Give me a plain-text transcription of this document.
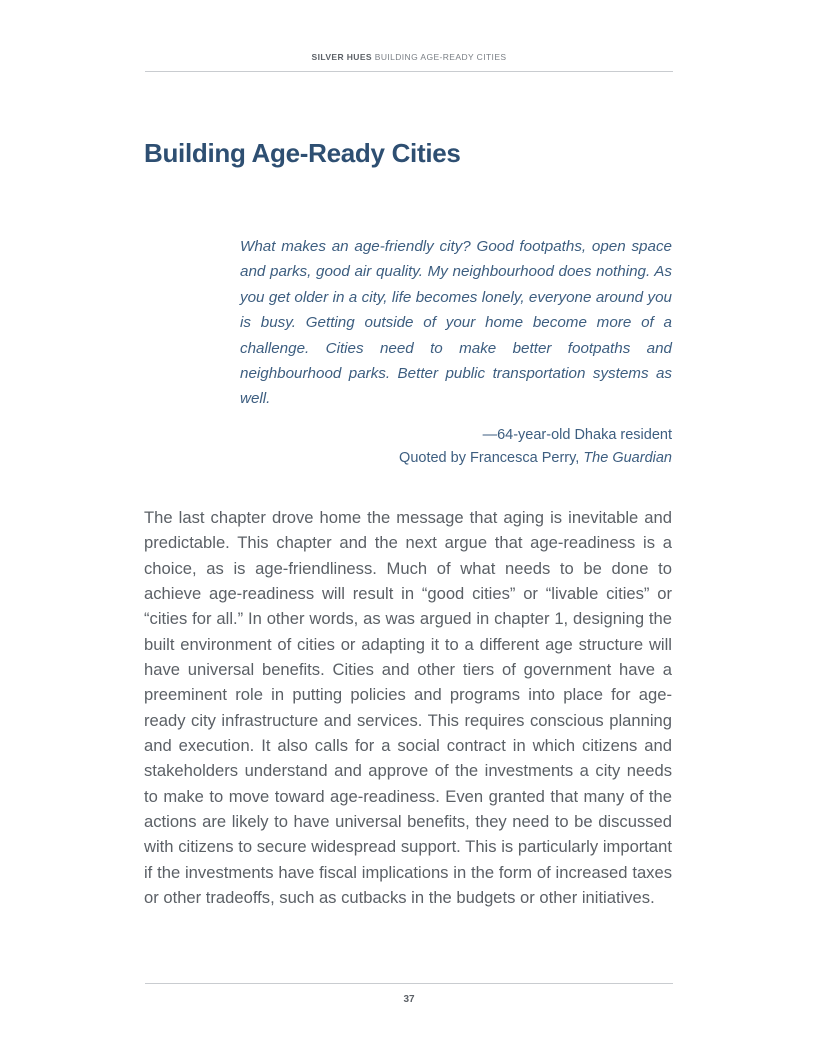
SILVER HUES BUILDING AGE-READY CITIES
Building Age-Ready Cities

What makes an age-friendly city? Good footpaths, open space and parks, good air quality. My neighbourhood does nothing. As you get older in a city, life becomes lonely, everyone around you is busy. Getting outside of your home become more of a challenge. Cities need to make better footpaths and neighbourhood parks. Better public transportation systems as well.

—64-year-old Dhaka resident
Quoted by Francesca Perry, The Guardian

The last chapter drove home the message that aging is inevitable and predictable. This chapter and the next argue that age-readiness is a choice, as is age-friendliness. Much of what needs to be done to achieve age-readiness will result in “good cities” or “livable cities” or “cities for all.” In other words, as was argued in chapter 1, designing the built environment of cities or adapting it to a different age structure will have universal benefits. Cities and other tiers of government have a preeminent role in putting policies and programs into place for age-ready city infrastructure and services. This requires conscious planning and execution. It also calls for a social contract in which citizens and stakeholders understand and approve of the investments a city needs to make to move toward age-readiness. Even granted that many of the actions are likely to have universal benefits, they need to be discussed with citizens to secure widespread support. This is particularly important if the investments have fiscal implications in the form of increased taxes or other tradeoffs, such as cutbacks in the budgets or other initiatives.

37
